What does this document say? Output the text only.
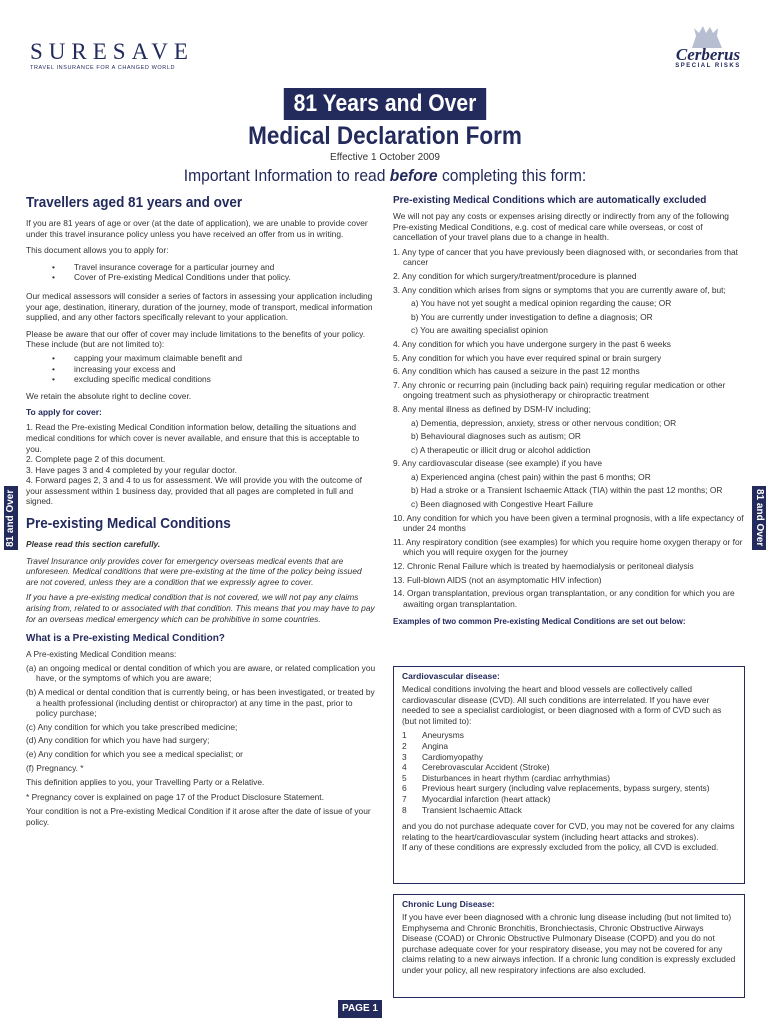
SURESAVE
TRAVEL INSURANCE FOR A CHANGED WORLD
Cerberus
SPECIAL RISKS
81 Years and Over
Medical Declaration Form
Effective 1 October 2009
Important Information to read before completing this form:
81 and Over	81 and Over
Travellers aged 81 years and over

If you are 81 years of age or over (at the date of application), we are unable to provide cover under this travel insurance policy unless you have received an offer from us in writing.

This document allows you to apply for:

• Travel insurance coverage for a particular journey and
• Cover of Pre-existing Medical Conditions under that policy.

Our medical assessors will consider a series of factors in assessing your application including your age, destination, itinerary, duration of the journey, mode of transport, medical information supplied, and any other factors specifically relevant to your application.

Please be aware that our offer of cover may include limitations to the benefits of your policy. These include (but are not limited to):

• capping your maximum claimable benefit and
• increasing your excess and
• excluding specific medical conditions

We retain the absolute right to decline cover.

To apply for cover:

1. Read the Pre-existing Medical Condition information below, detailing the situations and medical conditions for which cover is never available, and ensure that this is acceptable to you.

2. Complete page 2 of this document.

3. Have pages 3 and 4 completed by your regular doctor.

4. Forward pages 2, 3 and 4 to us for assessment. We will provide you with the outcome of your assessment within 1 business day, provided that all pages are completed in full and signed.

Pre-existing Medical Conditions

Please read this section carefully.

Travel Insurance only provides cover for emergency overseas medical events that are unforeseen. Medical conditions that were pre-existing at the time of the policy being issued are not covered, unless they are a condition that we expressly agree to cover.

If you have a pre-existing medical condition that is not covered, we will not pay any claims arising from, related to or associated with that condition. This means that you may have to pay for an overseas medical emergency which can be prohibitive in some countries.

What is a Pre-existing Medical Condition?

A Pre-existing Medical Condition means:

(a) an ongoing medical or dental condition of which you are aware, or related complication you have, or the symptoms of which you are aware;

(b) A medical or dental condition that is currently being, or has been investigated, or treated by a health professional (including dentist or chiropractor) at any time in the past, prior to policy purchase;

(c) Any condition for which you take prescribed medicine;

(d) Any condition for which you have had surgery;

(e) Any condition for which you see a medical specialist; or

(f) Pregnancy. *

This definition applies to you, your Travelling Party or a Relative.

* Pregnancy cover is explained on page 17 of the Product Disclosure Statement.

Your condition is not a Pre-existing Medical Condition if it arose after the date of issue of your policy.

Pre-existing Medical Conditions which are automatically excluded

We will not pay any costs or expenses arising directly or indirectly from any of the following Pre-existing Medical Conditions, e.g. cost of medical care while overseas, or cost of cancellation of your travel plans due to a change in health.

1. Any type of cancer that you have previously been diagnosed with, or secondaries from that cancer

2. Any condition for which surgery/treatment/procedure is planned

3. Any condition which arises from signs or symptoms that you are currently aware of, but;

a) You have not yet sought a medical opinion regarding the cause; OR

b) You are currently under investigation to define a diagnosis; OR

c) You are awaiting specialist opinion

4. Any condition for which you have undergone surgery in the past 6 weeks

5. Any condition for which you have ever required spinal or brain surgery

6. Any condition which has caused a seizure in the past 12 months

7. Any chronic or recurring pain (including back pain) requiring regular medication or other ongoing treatment such as physiotherapy or chiropractic treatment

8. Any mental illness as defined by DSM-IV including;

a) Dementia, depression, anxiety, stress or other nervous condition; OR

b) Behavioural diagnoses such as autism; OR

c) A therapeutic or illicit drug or alcohol addiction

9. Any cardiovascular disease (see example) if you have

a) Experienced angina (chest pain) within the past 6 months; OR

b) Had a stroke or a Transient Ischaemic Attack (TIA) within the past 12 months; OR

c) Been diagnosed with Congestive Heart Failure

10. Any condition for which you have been given a terminal prognosis, with a life expectancy of under 24 months

11. Any respiratory condition (see examples) for which you require home oxygen therapy or for which you will require oxygen for the journey

12. Chronic Renal Failure which is treated by haemodialysis or peritoneal dialysis

13. Full-blown AIDS (not an asymptomatic HIV infection)

14. Organ transplantation, previous organ transplantation, or any condition for which you are awaiting organ transplantation.

Examples of two common Pre-existing Medical Conditions are set out below:
Cardiovascular disease:

Medical conditions involving the heart and blood vessels are collectively called cardiovascular disease (CVD). All such conditions are interrelated. If you have ever needed to see a specialist cardiologist, or been diagnosed with a form of CVD such as (but not limited to):

1	Aneurysms
2	Angina
3	Cardiomyopathy
4	Cerebrovascular Accident (Stroke)
5	Disturbances in heart rhythm (cardiac arrhythmias)
6	Previous heart surgery (including valve replacements, bypass surgery, stents)
7	Myocardial infarction (heart attack)
8	Transient Ischaemic Attack

and you do not purchase adequate cover for CVD, you may not be covered for any claims relating to the heart/cardiovascular system (including heart attacks and strokes).

If any of these conditions are expressly excluded from the policy, all CVD is excluded.

Chronic Lung Disease:

If you have ever been diagnosed with a chronic lung disease including (but not limited to) Emphysema and Chronic Bronchitis, Bronchiectasis, Chronic Obstructive Airways Disease (COAD) or Chronic Obstructive Pulmonary Disease (COPD) and you do not purchase adequate cover for your respiratory disease, you may not be covered for any claims relating to a new airways infection. If a chronic lung condition is expressly excluded under your policy, all new respiratory infections are also excluded.

PAGE 1
